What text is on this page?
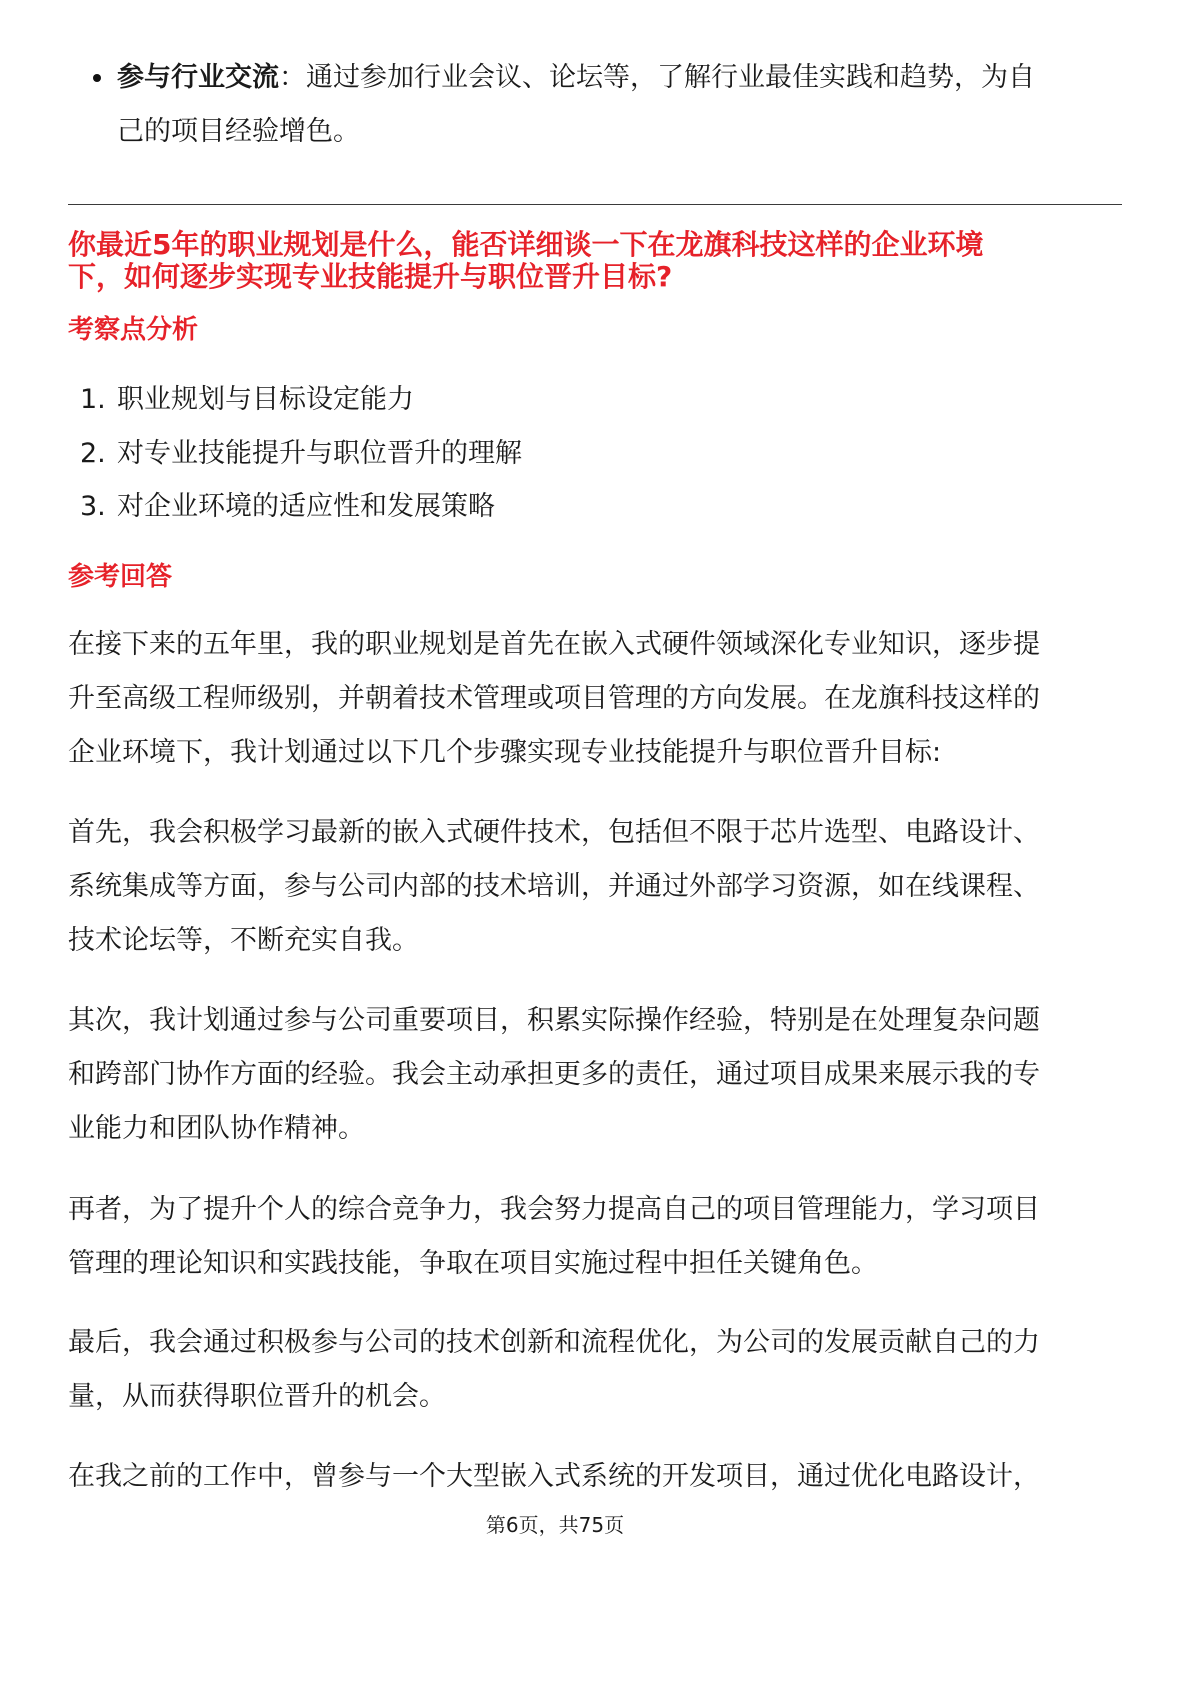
参与行业交流：通过参加行业会议、论坛等，了解行业最佳实践和趋势，为自己的项目经验增色。
你最近5年的职业规划是什么，能否详细谈一下在龙旗科技这样的企业环境下，如何逐步实现专业技能提升与职位晋升目标?
考察点分析
1. 职业规划与目标设定能力
2. 对专业技能提升与职位晋升的理解
3. 对企业环境的适应性和发展策略
参考回答

在接下来的五年里，我的职业规划是首先在嵌入式硬件领域深化专业知识，逐步提升至高级工程师级别，并朝着技术管理或项目管理的方向发展。在龙旗科技这样的企业环境下，我计划通过以下几个步骤实现专业技能提升与职位晋升目标:

首先，我会积极学习最新的嵌入式硬件技术，包括但不限于芯片选型、电路设计、系统集成等方面，参与公司内部的技术培训，并通过外部学习资源，如在线课程、技术论坛等，不断充实自我。

其次，我计划通过参与公司重要项目，积累实际操作经验，特别是在处理复杂问题和跨部门协作方面的经验。我会主动承担更多的责任，通过项目成果来展示我的专业能力和团队协作精神。

再者，为了提升个人的综合竞争力，我会努力提高自己的项目管理能力，学习项目管理的理论知识和实践技能，争取在项目实施过程中担任关键角色。

最后，我会通过积极参与公司的技术创新和流程优化，为公司的发展贡献自己的力量，从而获得职位晋升的机会。

在我之前的工作中，曾参与一个大型嵌入式系统的开发项目，通过优化电路设计，

第6页，共75页
